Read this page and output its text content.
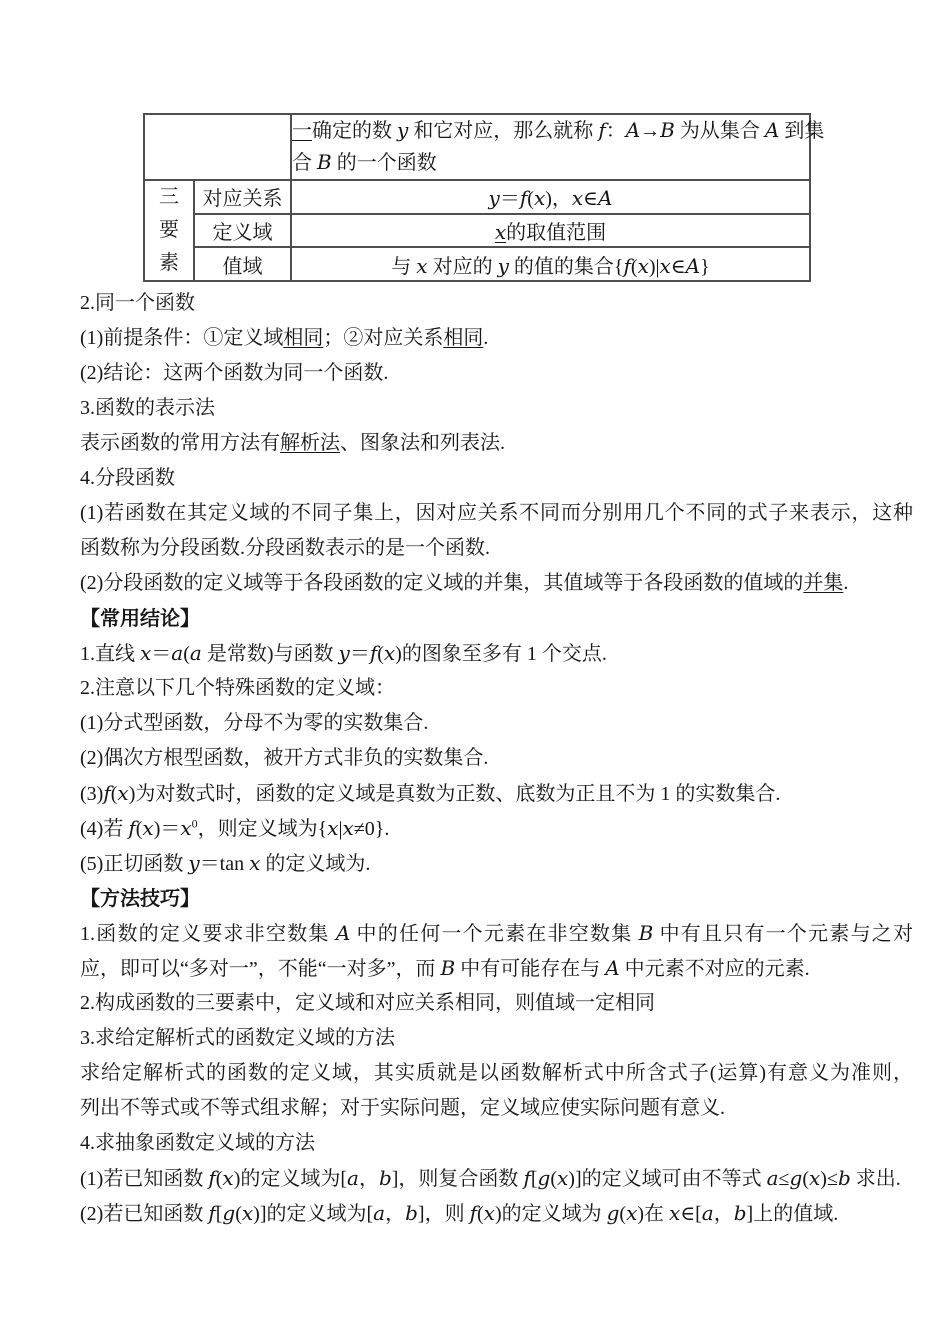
		一确定的数 y 和它对应，那么就称 f：A→B 为从集合 A 到集
合 B 的一个函数

三
要
素	对应关系	y＝f(x)，x∈A
	定义域	x的取值范围
	值域	与 x 对应的 y 的值的集合{f(x)|x∈A}
2.同一个函数
(1)前提条件：①定义域相同；②对应关系相同.
(2)结论：这两个函数为同一个函数.
3.函数的表示法
表示函数的常用方法有解析法、图象法和列表法.
4.分段函数
(1)若函数在其定义域的不同子集上，因对应关系不同而分别用几个不同的式子来表示，这种
函数称为分段函数.分段函数表示的是一个函数.
(2)分段函数的定义域等于各段函数的定义域的并集，其值域等于各段函数的值域的并集.
【常用结论】
1.直线 x＝a(a 是常数)与函数 y＝f(x)的图象至多有 1 个交点.
2.注意以下几个特殊函数的定义域：
(1)分式型函数，分母不为零的实数集合.
(2)偶次方根型函数，被开方式非负的实数集合.
(3)f(x)为对数式时，函数的定义域是真数为正数、底数为正且不为 1 的实数集合.
(4)若 $f(x)=x^0$，则定义域为{x|x≠0}.
(5)正切函数 y＝tan x 的定义域为.
【方法技巧】
1.函数的定义要求非空数集 A 中的任何一个元素在非空数集 B 中有且只有一个元素与之对
应，即可以“多对一”，不能“一对多”，而 B 中有可能存在与 A 中元素不对应的元素.
2.构成函数的三要素中，定义域和对应关系相同，则值域一定相同
3.求给定解析式的函数定义域的方法
求给定解析式的函数的定义域，其实质就是以函数解析式中所含式子(运算)有意义为准则，
列出不等式或不等式组求解；对于实际问题，定义域应使实际问题有意义.
4.求抽象函数定义域的方法
(1)若已知函数 f(x)的定义域为[a，b]，则复合函数 f[g(x)]的定义域可由不等式 a≤g(x)≤b 求出.
(2)若已知函数 f[g(x)]的定义域为[a，b]，则 f(x)的定义域为 g(x)在 x∈[a，b]上的值域.
